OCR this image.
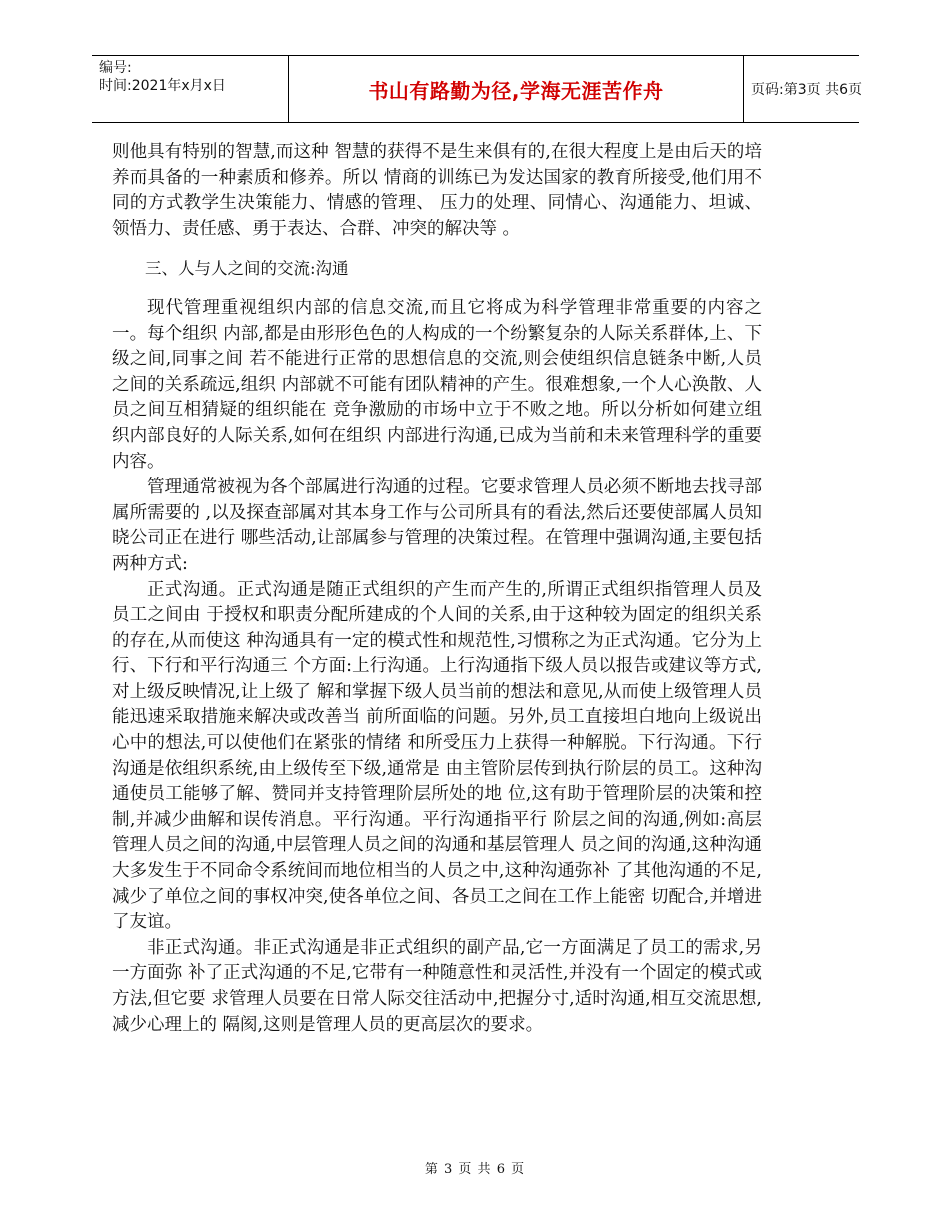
编号:
时间:2021年x月x日	书山有路勤为径,学海无涯苦作舟	页码:第3页 共6页

则他具有特别的智慧,而这种 智慧的获得不是生来俱有的,在很大程度上是由后天的培养而具备的一种素质和修养。所以 情商的训练已为发达国家的教育所接受,他们用不同的方式教学生决策能力、情感的管理、 压力的处理、同情心、沟通能力、坦诚、领悟力、责任感、勇于表达、合群、冲突的解决等 。

三、人与人之间的交流:沟通

现代管理重视组织内部的信息交流,而且它将成为科学管理非常重要的内容之一。每个组织 内部,都是由形形色色的人构成的一个纷繁复杂的人际关系群体,上、下级之间,同事之间 若不能进行正常的思想信息的交流,则会使组织信息链条中断,人员之间的关系疏远,组织 内部就不可能有团队精神的产生。很难想象,一个人心涣散、人员之间互相猜疑的组织能在 竞争激励的市场中立于不败之地。所以分析如何建立组织内部良好的人际关系,如何在组织 内部进行沟通,已成为当前和未来管理科学的重要内容。

管理通常被视为各个部属进行沟通的过程。它要求管理人员必须不断地去找寻部属所需要的 ,以及探查部属对其本身工作与公司所具有的看法,然后还要使部属人员知晓公司正在进行 哪些活动,让部属参与管理的决策过程。在管理中强调沟通,主要包括两种方式:

正式沟通。正式沟通是随正式组织的产生而产生的,所谓正式组织指管理人员及员工之间由 于授权和职责分配所建成的个人间的关系,由于这种较为固定的组织关系的存在,从而使这 种沟通具有一定的模式性和规范性,习惯称之为正式沟通。它分为上行、下行和平行沟通三 个方面:上行沟通。上行沟通指下级人员以报告或建议等方式,对上级反映情况,让上级了 解和掌握下级人员当前的想法和意见,从而使上级管理人员能迅速采取措施来解决或改善当 前所面临的问题。另外,员工直接坦白地向上级说出心中的想法,可以使他们在紧张的情绪 和所受压力上获得一种解脱。下行沟通。下行沟通是依组织系统,由上级传至下级,通常是 由主管阶层传到执行阶层的员工。这种沟通使员工能够了解、赞同并支持管理阶层所处的地 位,这有助于管理阶层的决策和控制,并减少曲解和误传消息。平行沟通。平行沟通指平行 阶层之间的沟通,例如:高层管理人员之间的沟通,中层管理人员之间的沟通和基层管理人 员之间的沟通,这种沟通大多发生于不同命令系统间而地位相当的人员之中,这种沟通弥补 了其他沟通的不足,减少了单位之间的事权冲突,使各单位之间、各员工之间在工作上能密 切配合,并增进了友谊。

非正式沟通。非正式沟通是非正式组织的副产品,它一方面满足了员工的需求,另一方面弥 补了正式沟通的不足,它带有一种随意性和灵活性,并没有一个固定的模式或方法,但它要 求管理人员要在日常人际交往活动中,把握分寸,适时沟通,相互交流思想,减少心理上的 隔阂,这则是管理人员的更高层次的要求。

第 3 页 共 6 页
